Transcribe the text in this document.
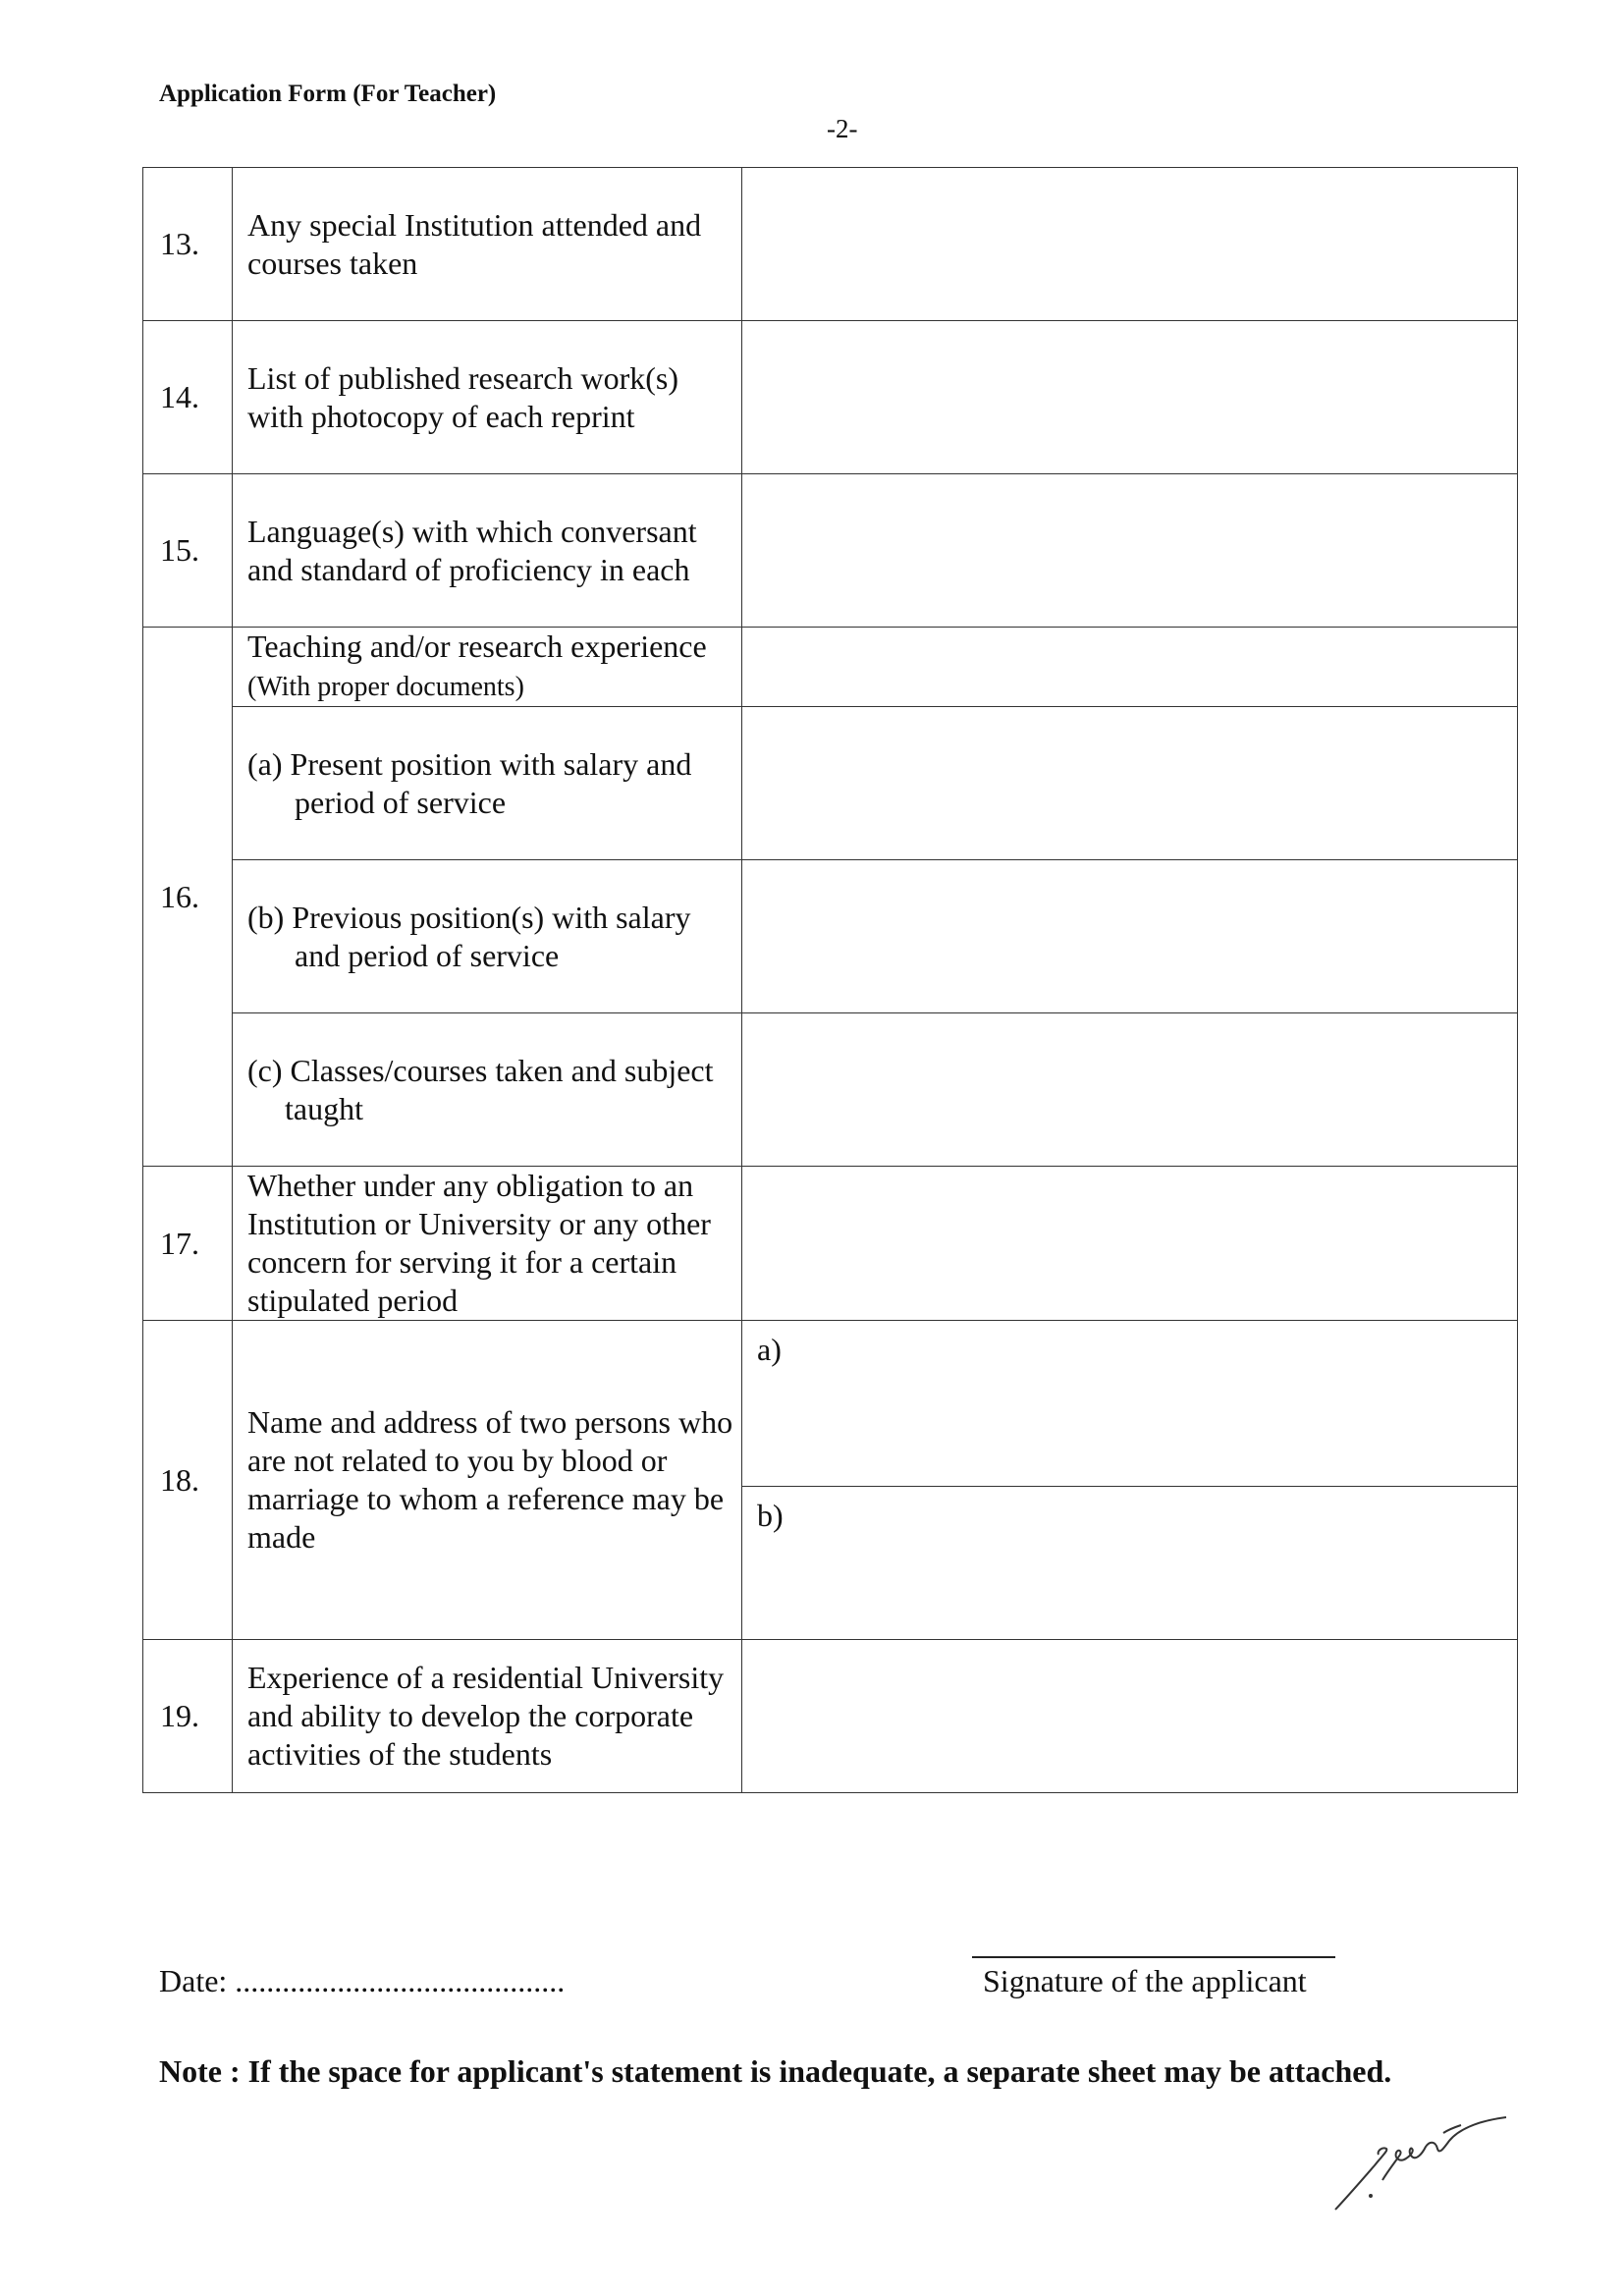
Application Form (For Teacher)
-2-
13.	Any special Institution attended and courses taken	
14.	List of published research work(s) with photocopy of each reprint	
15.	Language(s) with which conversant and standard of proficiency in each	
16.	Teaching and/or research experience (With proper documents)	

	(a) Present position with salary and period of service	

	(b) Previous position(s) with salary and period of service	

	(c) Classes/courses taken and subject taught	

17.	Whether under any obligation to an Institution or University or any other concern for serving it for a certain stipulated period	
18.	Name and address of two persons who are not related to you by blood or marriage to whom a reference may be made	a)
		b)
19.	Experience of a residential University and ability to develop the corporate activities of the students	
Date: ..........................................	Signature of the applicant
Note : If the space for applicant's statement is inadequate, a separate sheet may be attached.
